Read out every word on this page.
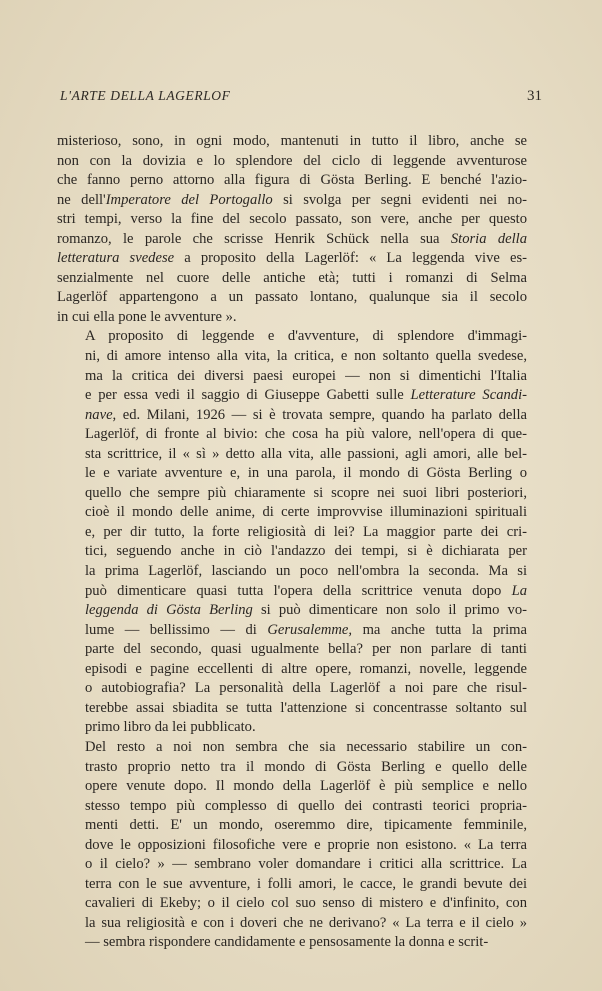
L'ARTE DELLA LAGERLOF	31

misterioso, sono, in ogni modo, mantenuti in tutto il libro, anche se
non con la dovizia e lo splendore del ciclo di leggende avventurose
che fanno perno attorno alla figura di Gösta Berling. E benché l'azio-
ne dell'Imperatore del Portogallo si svolga per segni evidenti nei no-
stri tempi, verso la fine del secolo passato, son vere, anche per questo
romanzo, le parole che scrisse Henrik Schück nella sua Storia della
letteratura svedese a proposito della Lagerlöf: « La leggenda vive es-
senzialmente nel cuore delle antiche età; tutti i romanzi di Selma
Lagerlöf appartengono a un passato lontano, qualunque sia il secolo
in cui ella pone le avventure ».

A proposito di leggende e d'avventure, di splendore d'immagi-
ni, di amore intenso alla vita, la critica, e non soltanto quella svedese,
ma la critica dei diversi paesi europei — non si dimentichi l'Italia
e per essa vedi il saggio di Giuseppe Gabetti sulle Letterature Scandi-
nave, ed. Milani, 1926 — si è trovata sempre, quando ha parlato della
Lagerlöf, di fronte al bivio: che cosa ha più valore, nell'opera di que-
sta scrittrice, il « sì » detto alla vita, alle passioni, agli amori, alle bel-
le e variate avventure e, in una parola, il mondo di Gösta Berling o
quello che sempre più chiaramente si scopre nei suoi libri posteriori,
cioè il mondo delle anime, di certe improvvise illuminazioni spirituali
e, per dir tutto, la forte religiosità di lei? La maggior parte dei cri-
tici, seguendo anche in ciò l'andazzo dei tempi, si è dichiarata per
la prima Lagerlöf, lasciando un poco nell'ombra la seconda. Ma si
può dimenticare quasi tutta l'opera della scrittrice venuta dopo La
leggenda di Gösta Berling si può dimenticare non solo il primo vo-
lume — bellissimo — di Gerusalemme, ma anche tutta la prima
parte del secondo, quasi ugualmente bella? per non parlare di tanti
episodi e pagine eccellenti di altre opere, romanzi, novelle, leggende
o autobiografia? La personalità della Lagerlöf a noi pare che risul-
terebbe assai sbiadita se tutta l'attenzione si concentrasse soltanto sul
primo libro da lei pubblicato.

Del resto a noi non sembra che sia necessario stabilire un con-
trasto proprio netto tra il mondo di Gösta Berling e quello delle
opere venute dopo. Il mondo della Lagerlöf è più semplice e nello
stesso tempo più complesso di quello dei contrasti teorici propria-
menti detti. E' un mondo, oseremmo dire, tipicamente femminile,
dove le opposizioni filosofiche vere e proprie non esistono. « La terra
o il cielo? » — sembrano voler domandare i critici alla scrittrice. La
terra con le sue avventure, i folli amori, le cacce, le grandi bevute dei
cavalieri di Ekeby; o il cielo col suo senso di mistero e d'infinito, con
la sua religiosità e con i doveri che ne derivano? « La terra e il cielo »
— sembra rispondere candidamente e pensosamente la donna e scrit-
